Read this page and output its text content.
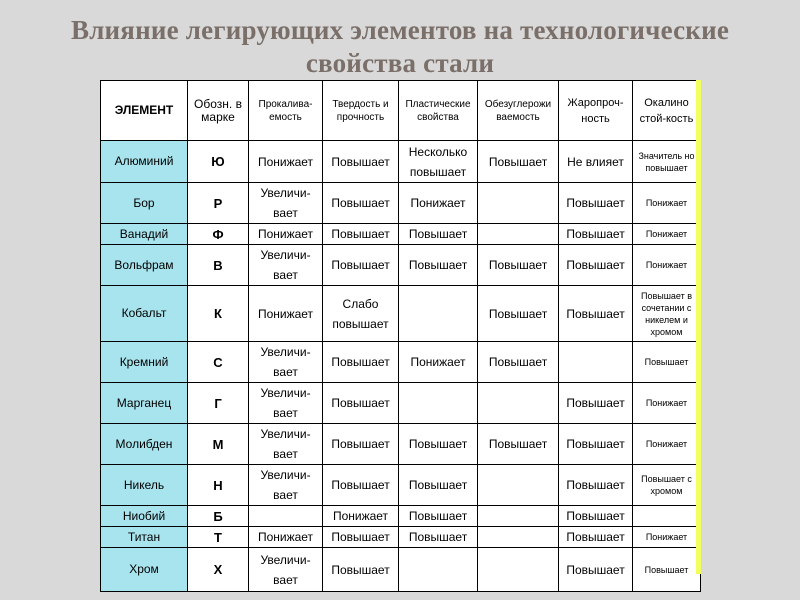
Влияние легирующих элементов на технологические
свойства стали
ЭЛЕМЕНТ	Обозн. в марке	Прокалива-емость	Твердость и прочность	Пластические свойства	Обезуглерожи ваемость	Жаропроч-ность	Окалино стой-кость
Алюминий	Ю	Понижает	Повышает	Несколько повышает	Повышает	Не влияет	Значитель но повышает
Бор	Р	Увеличи-вает	Повышает	Понижает		Повышает	Понижает
Ванадий	Ф	Понижает	Повышает	Повышает		Повышает	Понижает
Вольфрам	В	Увеличи-вает	Повышает	Повышает	Повышает	Повышает	Понижает
Кобальт	К	Понижает	Слабо повышает		Повышает	Повышает	Повышает в сочетании с никелем и хромом
Кремний	С	Увеличи-вает	Повышает	Понижает	Повышает		Повышает
Марганец	Г	Увеличи-вает	Повышает			Повышает	Понижает
Молибден	М	Увеличи-вает	Повышает	Повышает	Повышает	Повышает	Понижает
Никель	Н	Увеличи-вает	Повышает	Повышает		Повышает	Повышает с хромом
Ниобий	Б		Понижает	Повышает		Повышает	
Титан	Т	Понижает	Повышает	Повышает		Повышает	Понижает
Хром	Х	Увеличи-вает	Повышает			Повышает	Повышает
